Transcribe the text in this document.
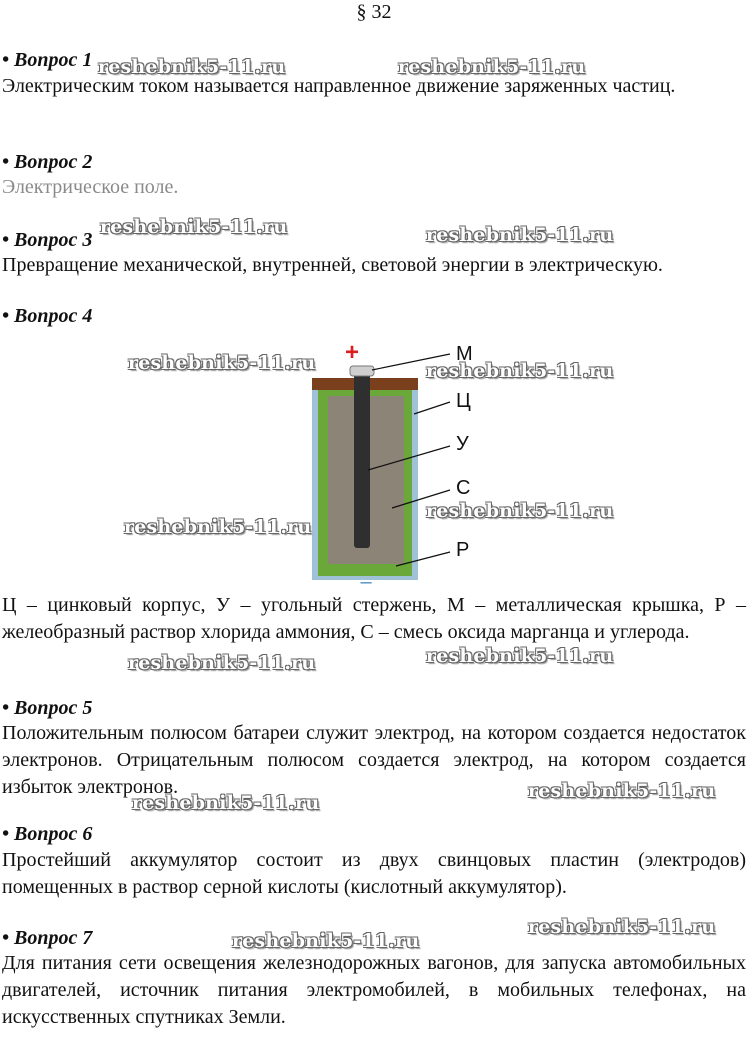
§ 32
• Вопрос 1
Электрическим током называется направленное движение заряженных частиц.
• Вопрос 2
Электрическое поле.
• Вопрос 3
Превращение механической, внутренней, световой энергии в электрическую.
• Вопрос 4
+
–
М
Ц
У
С
Р
Ц – цинковый корпус, У – угольный стержень, М – металлическая крышка, Р – желеобразный раствор хлорида аммония, С – смесь оксида марганца и углерода.
• Вопрос 5
Положительным полюсом батареи служит электрод, на котором создается недостаток электронов. Отрицательным полюсом создается электрод, на котором создается избыток электронов.
• Вопрос 6
Простейший аккумулятор состоит из двух свинцовых пластин (электродов) помещенных в раствор серной кислоты (кислотный аккумулятор).
• Вопрос 7
Для питания сети освещения железнодорожных вагонов, для запуска автомобильных двигателей, источник питания электромобилей, в мобильных телефонах, на искусственных спутниках Земли.
reshebnik5-11.ru	reshebnik5-11.ru
reshebnik5-11.ru	reshebnik5-11.ru
reshebnik5-11.ru	reshebnik5-11.ru
reshebnik5-11.ru
reshebnik5-11.ru
reshebnik5-11.ru	reshebnik5-11.ru
reshebnik5-11.ru
reshebnik5-11.ru
reshebnik5-11.ru
reshebnik5-11.ru
